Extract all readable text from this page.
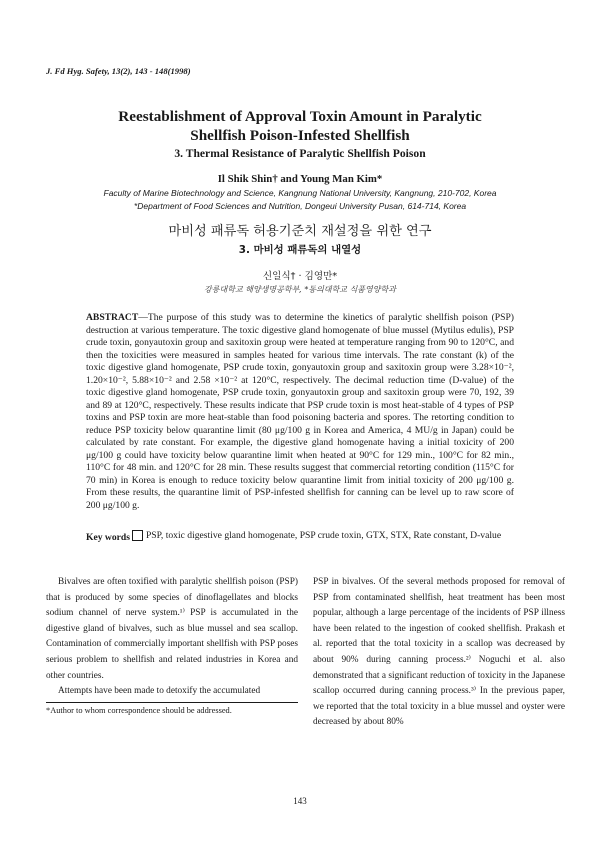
J. Fd Hyg. Safety, 13(2), 143 - 148(1998)
Reestablishment of Approval Toxin Amount in Paralytic
Shellfish Poison-Infested Shellfish
3. Thermal Resistance of Paralytic Shellfish Poison
Il Shik Shin† and Young Man Kim*
Faculty of Marine Biotechnology and Science, Kangnung National University, Kangnung, 210-702, Korea
*Department of Food Sciences and Nutrition, Dongeui University Pusan, 614-714, Korea
마비성 패류독 허용기준치 재설정을 위한 연구
3. 마비성 패류독의 내열성
신일식† · 김영만*
강릉대학교 해양생명공학부, *동의대학교 식품영양학과
ABSTRACT—The purpose of this study was to determine the kinetics of paralytic shellfish poison (PSP) destruction at various temperature. The toxic digestive gland homogenate of blue mussel (Mytilus edulis), PSP crude toxin, gonyautoxin group and saxitoxin group were heated at temperature ranging from 90 to 120°C, and then the toxicities were measured in samples heated for various time intervals. The rate constant (k) of the toxic digestive gland homogenate, PSP crude toxin, gonyautoxin group and saxitoxin group were 3.28×10⁻², 1.20×10⁻², 5.88×10⁻² and 2.58 ×10⁻² at 120°C, respectively. The decimal reduction time (D-value) of the toxic digestive gland homogenate, PSP crude toxin, gonyautoxin group and saxitoxin group were 70, 192, 39 and 89 at 120°C, respectively. These results indicate that PSP crude toxin is most heat-stable of 4 types of PSP toxins and PSP toxin are more heat-stable than food poisoning bacteria and spores. The retorting condition to reduce PSP toxicity below quarantine limit (80 μg/100 g in Korea and America, 4 MU/g in Japan) could be calculated by rate constant. For example, the digestive gland homogenate having a initial toxicity of 200 μg/100 g could have toxicity below quarantine limit when heated at 90°C for 129 min., 100°C for 82 min., 110°C for 48 min. and 120°C for 28 min. These results suggest that commercial retorting condition (115°C for 70 min) in Korea is enough to reduce toxicity below quarantine limit from initial toxicity of 200 μg/100 g. From these results, the quarantine limit of PSP-infested shellfish for canning can be level up to raw score of 200 μg/100 g.
Key words PSP, toxic digestive gland homogenate, PSP crude toxin, GTX, STX, Rate constant, D-value

Bivalves are often toxified with paralytic shellfish poison (PSP) that is produced by some species of dinoflagellates and blocks sodium channel of nerve system.¹⁾ PSP is accumulated in the digestive gland of bivalves, such as blue mussel and sea scallop. Contamination of commercially important shellfish with PSP poses serious problem to shellfish and related industries in Korea and other countries.

Attempts have been made to detoxify the accumulated

PSP in bivalves. Of the several methods proposed for removal of PSP from contaminated shellfish, heat treatment has been most popular, although a large percentage of the incidents of PSP illness have been related to the ingestion of cooked shellfish. Prakash et al. reported that the total toxicity in a scallop was decreased by about 90% during canning process.²⁾ Noguchi et al. also demonstrated that a significant reduction of toxicity in the Japanese scallop occurred during canning process.³⁾ In the previous paper, we reported that the total toxicity in a blue mussel and oyster were decreased by about 80%

*Author to whom correspondence should be addressed.
143
